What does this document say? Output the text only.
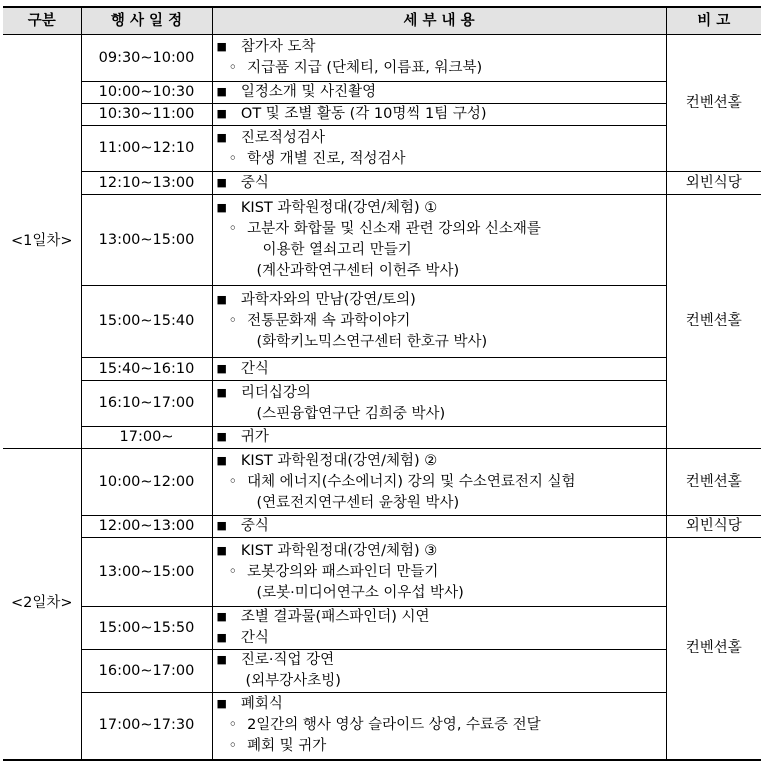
구분	행 사 일 정	세 부 내 용	비 고
<1일차>	09:30∼10:00	■ 참가자 도착
◦ 지급품 지급 (단체티, 이름표, 워크북)	컨벤션홀
	10:00∼10:30	■ 일정소개 및 사진촬영

	10:30∼11:00	■ OT 및 조별 활동 (각 10명씩 1팀 구성)

	11:00∼12:10	■ 진로적성검사
◦ 학생 개별 진로, 적성검사

	12:10∼13:00	■ 중식	외빈식당
	13:00∼15:00	■ KIST 과학원정대(강연/체험) ①
◦ 고분자 화합물 및 신소재 관련 강의와 신소재를
이용한 열쇠고리 만들기
(계산과학연구센터 이헌주 박사)	컨벤션홀
	15:00∼15:40	■ 과학자와의 만남(강연/토의)
◦ 전통문화재 속 과학이야기
(화학키노믹스연구센터 한호규 박사)

	15:40∼16:10	■ 간식

	16:10∼17:00	■ 리더십강의
(스핀융합연구단 김희중 박사)

	17:00∼	■ 귀가

<2일차>	10:00∼12:00	■ KIST 과학원정대(강연/체험) ②
◦ 대체 에너지(수소에너지) 강의 및 수소연료전지 실험
(연료전지연구센터 윤창원 박사)	컨벤션홀
	12:00∼13:00	■ 중식	외빈식당
	13:00∼15:00	■ KIST 과학원정대(강연/체험) ③
◦ 로봇강의와 패스파인더 만들기
(로봇·미디어연구소 이우섭 박사)	컨벤션홀
	15:00∼15:50	■ 조별 결과물(패스파인더) 시연
■ 간식

	16:00∼17:00	■ 진로·직업 강연
(외부강사초빙)

	17:00∼17:30	■ 폐회식
◦ 2일간의 행사 영상 슬라이드 상영, 수료증 전달
◦ 폐회 및 귀가
